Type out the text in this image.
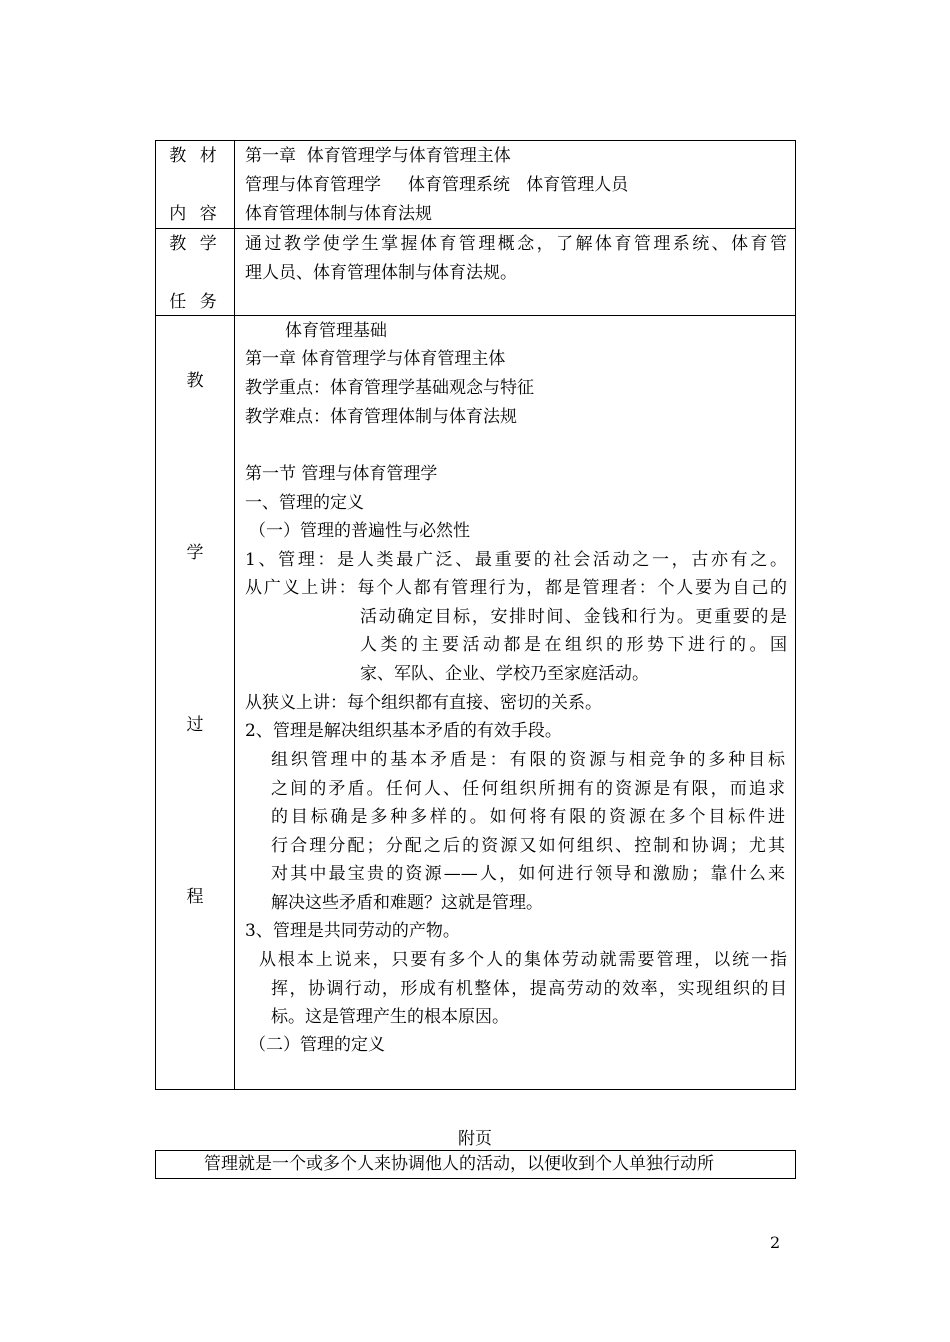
教 材
内 容
第一章  体育管理学与体育管理主体
管理与体育管理学     体育管理系统   体育管理人员
体育管理体制与体育法规
教 学
任 务
通过教学使学生掌握体育管理概念，了解体育管理系统、体育管
理人员、体育管理体制与体育法规。
教
学
过
程
体育管理基础
第一章 体育管理学与体育管理主体
教学重点：体育管理学基础观念与特征
教学难点：体育管理体制与体育法规
第一节 管理与体育管理学
一、管理的定义
（一）管理的普遍性与必然性
1、管理：是人类最广泛、最重要的社会活动之一，古亦有之。
从广义上讲：每个人都有管理行为，都是管理者：个人要为自己的
活动确定目标，安排时间、金钱和行为。更重要的是
人类的主要活动都是在组织的形势下进行的。国
家、军队、企业、学校乃至家庭活动。
从狭义上讲：每个组织都有直接、密切的关系。
2、管理是解决组织基本矛盾的有效手段。
组织管理中的基本矛盾是：有限的资源与相竞争的多种目标
之间的矛盾。任何人、任何组织所拥有的资源是有限，而追求
的目标确是多种多样的。如何将有限的资源在多个目标件进
行合理分配；分配之后的资源又如何组织、控制和协调；尤其
对其中最宝贵的资源——人，如何进行领导和激励；靠什么来
解决这些矛盾和难题？这就是管理。
3、管理是共同劳动的产物。
从根本上说来，只要有多个人的集体劳动就需要管理，以统一指
挥，协调行动，形成有机整体，提高劳动的效率，实现组织的目
标。这是管理产生的根本原因。
（二）管理的定义
附页
管理就是一个或多个人来协调他人的活动，以便收到个人单独行动所
2
